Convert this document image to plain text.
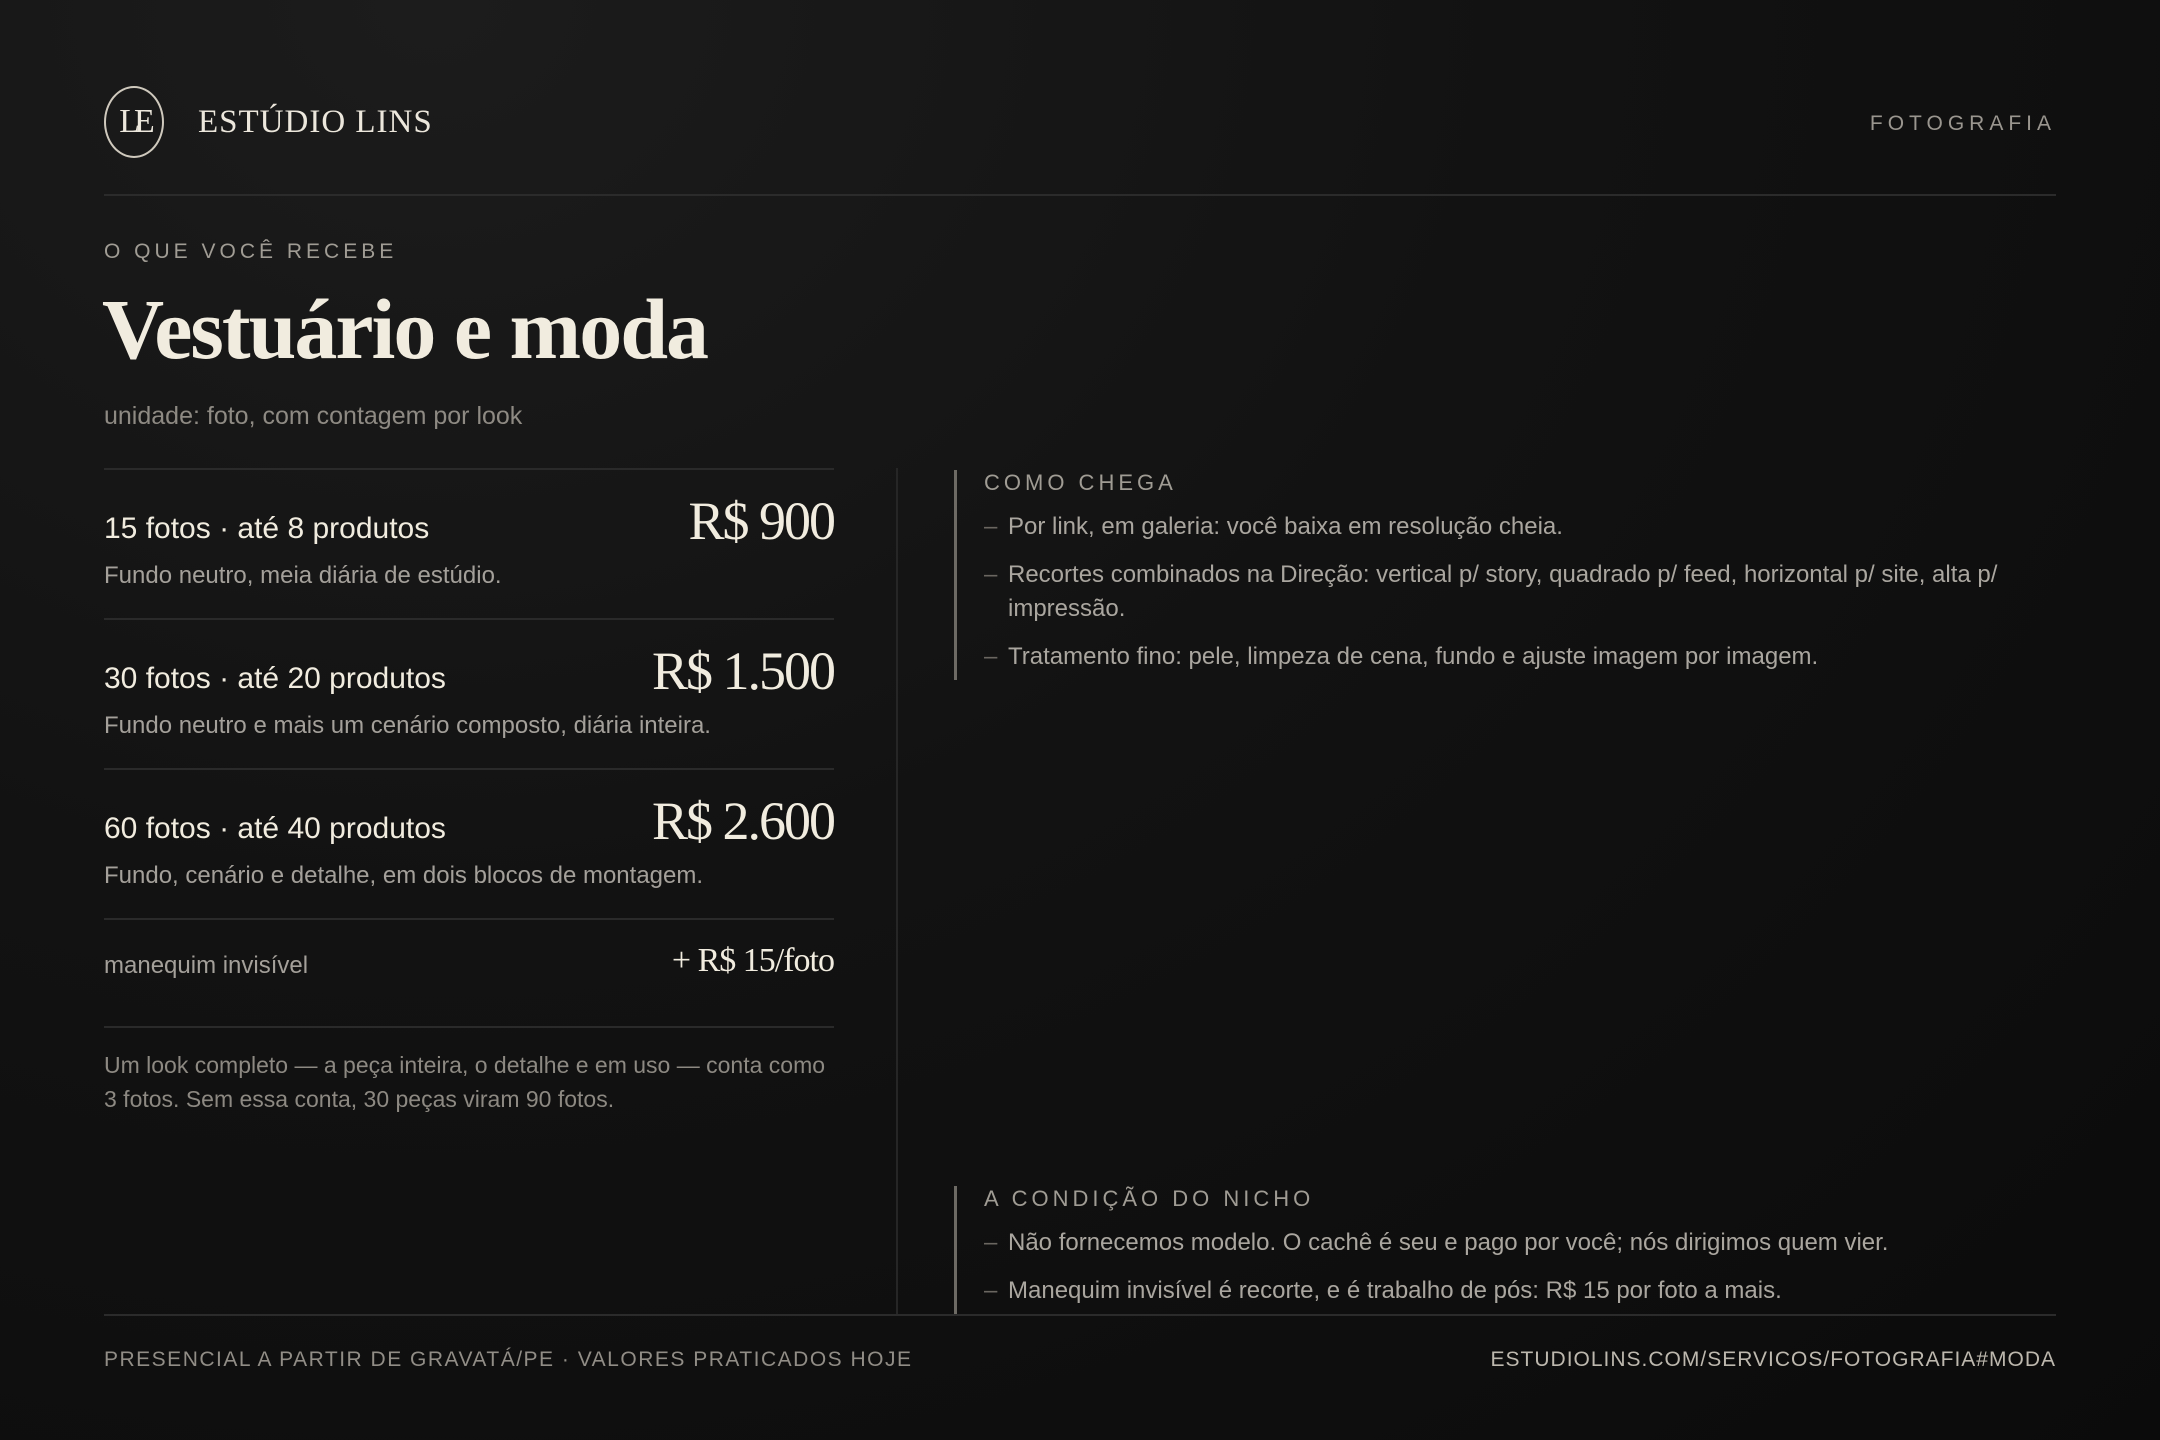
LE	ESTÚDIO LINS	FOTOGRAFIA
O QUE VOCÊ RECEBE
Vestuário e moda
unidade: foto, com contagem por look
15 fotos · até 8 produtos	R$ 900
Fundo neutro, meia diária de estúdio.
30 fotos · até 20 produtos	R$ 1.500
Fundo neutro e mais um cenário composto, diária inteira.
60 fotos · até 40 produtos	R$ 2.600
Fundo, cenário e detalhe, em dois blocos de montagem.
manequim invisível	+ R$ 15/foto

Um look completo — a peça inteira, o detalhe e em uso — conta como 3 fotos. Sem essa conta, 30 peças viram 90 fotos.

COMO CHEGA
– Por link, em galeria: você baixa em resolução cheia.
– Recortes combinados na Direção: vertical p/ story, quadrado p/ feed, horizontal p/ site, alta p/ impressão.
– Tratamento fino: pele, limpeza de cena, fundo e ajuste imagem por imagem.
A CONDIÇÃO DO NICHO
– Não fornecemos modelo. O cachê é seu e pago por você; nós dirigimos quem vier.
– Manequim invisível é recorte, e é trabalho de pós: R$ 15 por foto a mais.
PRESENCIAL A PARTIR DE GRAVATÁ/PE · VALORES PRATICADOS HOJE	ESTUDIOLINS.COM/SERVICOS/FOTOGRAFIA#MODA
